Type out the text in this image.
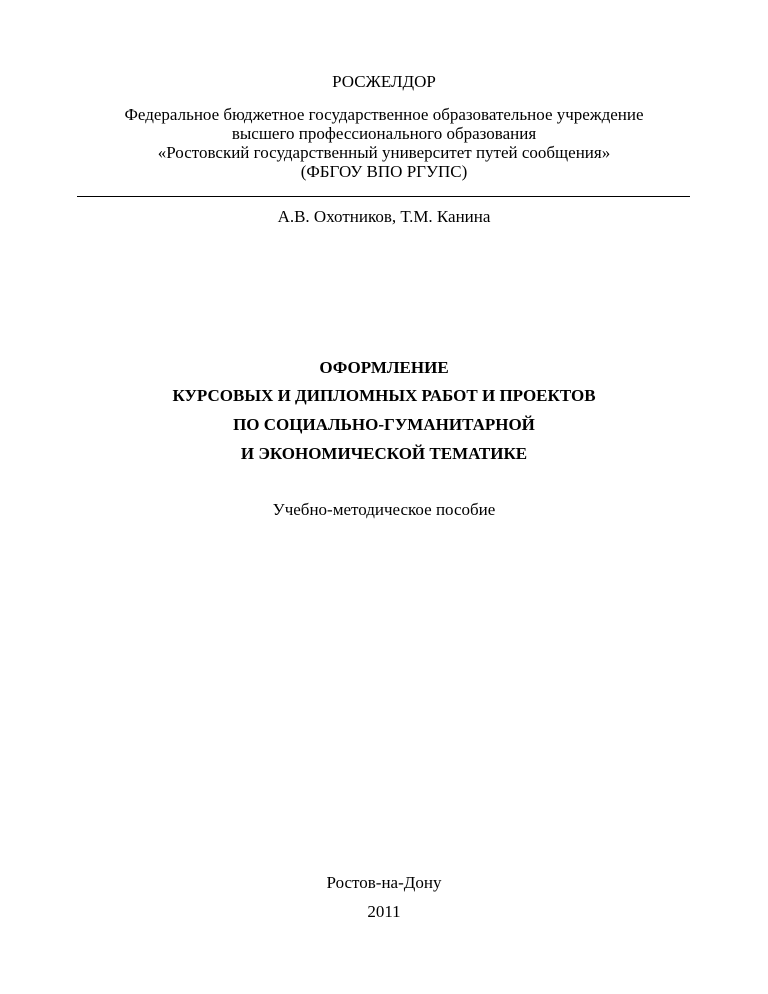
РОСЖЕЛДОР
Федеральное бюджетное государственное образовательное учреждение
высшего профессионального образования
«Ростовский государственный университет путей сообщения»
(ФБГОУ ВПО РГУПС)
А.В. Охотников, Т.М. Канина
ОФОРМЛЕНИЕ
КУРСОВЫХ И ДИПЛОМНЫХ РАБОТ И ПРОЕКТОВ
ПО СОЦИАЛЬНО-ГУМАНИТАРНОЙ
И ЭКОНОМИЧЕСКОЙ ТЕМАТИКЕ
Учебно-методическое пособие
Ростов-на-Дону
2011
